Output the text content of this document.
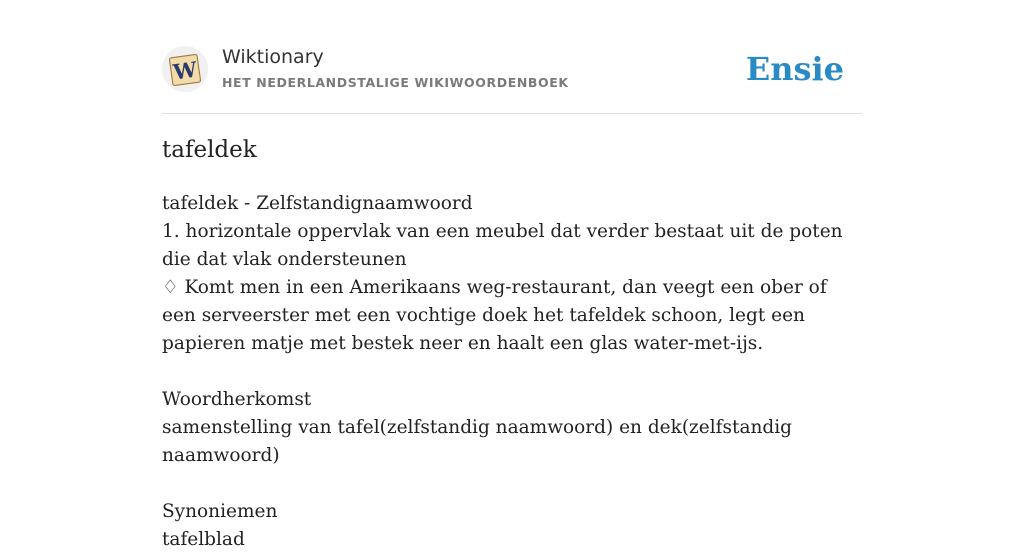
W Wiktionary
HET NEDERLANDSTALIGE WIKIWOORDENBOEK	Ensie
tafeldek

tafeldek - Zelfstandignaamwoord

1. horizontale oppervlak van een meubel dat verder bestaat uit de poten die dat vlak ondersteunen

♢ Komt men in een Amerikaans weg-restaurant, dan veegt een ober of een serveerster met een vochtige doek het tafeldek schoon, legt een papieren matje met bestek neer en haalt een glas water-met-ijs.

Woordherkomst

samenstelling van tafel(zelfstandig naamwoord) en dek(zelfstandig naamwoord)

Synoniemen

tafelblad
